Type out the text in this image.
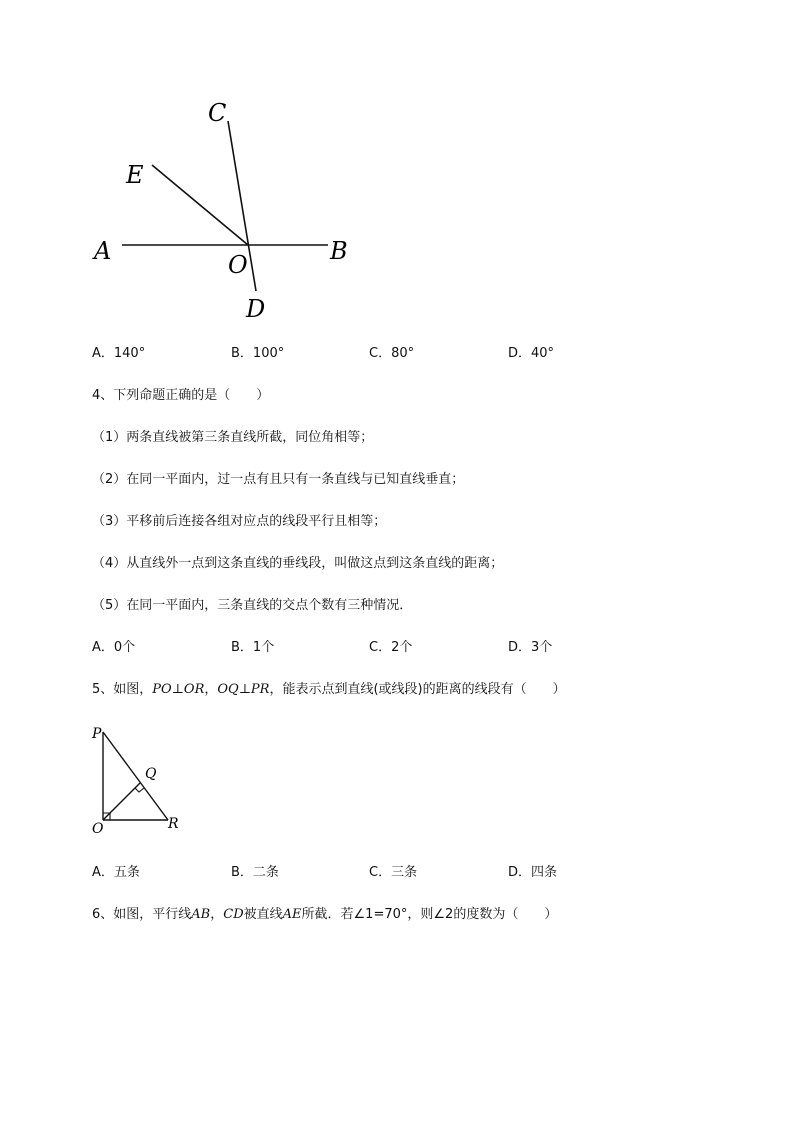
C
E
A	O	B
D
A．140°	B．100°	C．80°	D．40°
4、下列命题正确的是（　　）
（1）两条直线被第三条直线所截，同位角相等；
（2）在同一平面内，过一点有且只有一条直线与已知直线垂直；
（3）平移前后连接各组对应点的线段平行且相等；
（4）从直线外一点到这条直线的垂线段，叫做这点到这条直线的距离；
（5）在同一平面内，三条直线的交点个数有三种情况．
A．0个	B．1个	C．2个	D．3个
5、如图，PO⊥OR，OQ⊥PR，能表示点到直线(或线段)的距离的线段有（　　）
P
Q
O	R
A．五条	B．二条	C．三条	D．四条
6、如图，平行线AB，CD被直线AE所截．若∠1=70°，则∠2的度数为（　　）
